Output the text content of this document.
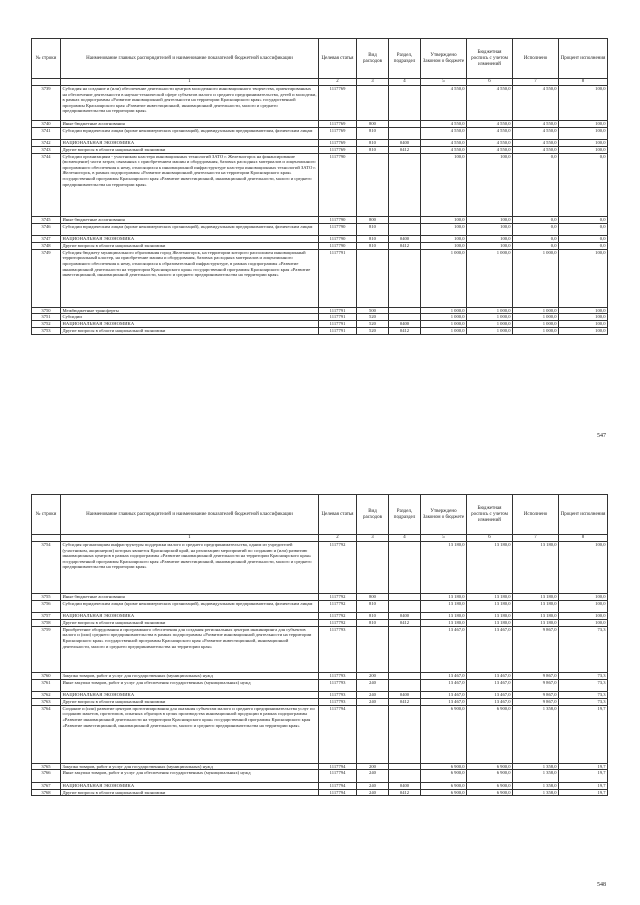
№ строки	Наименование главных распорядителей и наименование показателей бюджетной классификации	Целевая статья	Вид расходов	Раздел, подраздел	Утверждено Законом о бюджете	Бюджетная роспись с учетом изменений	Исполнено	Процент исполнения
	1	2	3	4	5	6	7	8
3739	Субсидия на создание и (или) обеспечение деятельности центров молодежного инновационного творчества, ориентированных на обеспечение деятельности в научно-технической сфере субъектов малого и среднего предпринимательства, детей и молодежи, в рамках подпрограммы «Развитие инновационной деятельности на территории Красноярского края» государственной программы Красноярского края «Развитие инвестиционной, инновационной деятельности, малого и среднего предпринимательства на территории края»	1117769			4 550,0	4 550,0	4 550,0	100,0
3740	Иные бюджетные ассигнования	1117769	800		4 550,0	4 550,0	4 550,0	100,0
3741	Субсидии юридическим лицам (кроме некоммерческих организаций), индивидуальным предпринимателям, физическим лицам	1117769	810		4 550,0	4 550,0	4 550,0	100,0
3742	НАЦИОНАЛЬНАЯ ЭКОНОМИКА	1117769	810	0400	4 550,0	4 550,0	4 550,0	100,0
3743	Другие вопросы в области национальной экономики	1117769	810	0412	4 550,0	4 550,0	4 550,0	100,0
3744	Субсидии организациям - участникам кластера инновационных технологий ЗАТО г. Железногорск на финансирование (возмещение) части затрат, связанных с приобретением машин и оборудования, базовых расходных материалов и лицензионного программного обеспечения к нему, относящихся к инновационной инфраструктуре кластера инновационных технологий ЗАТО г. Железногорск, в рамках подпрограммы «Развитие инновационной деятельности на территории Красноярского края» государственной программы Красноярского края «Развитие инвестиционной, инновационной деятельности, малого и среднего предпринимательства на территории края»	1117790			100,0	100,0	0,0	0,0
3745	Иные бюджетные ассигнования	1117790	800		100,0	100,0	0,0	0,0
3746	Субсидии юридическим лицам (кроме некоммерческих организаций), индивидуальным предпринимателям, физическим лицам	1117790	810		100,0	100,0	0,0	0,0
3747	НАЦИОНАЛЬНАЯ ЭКОНОМИКА	1117790	810	0400	100,0	100,0	0,0	0,0
3748	Другие вопросы в области национальной экономики	1117790	810	0412	100,0	100,0	0,0	0,0
3749	Субсидия бюджету муниципального образования город Железногорск, на территории которого расположен инновационный территориальный кластер, на приобретение машин и оборудования, базовых расходных материалов и лицензионного программного обеспечения к нему, относящихся к образовательной инфраструктуре, в рамках подпрограммы «Развитие инновационной деятельности на территории Красноярского края» государственной программы Красноярского края «Развитие инвестиционной, инновационной деятельности, малого и среднего предпринимательства на территории края»	1117791			1 000,0	1 000,0	1 000,0	100,0
3750	Межбюджетные трансферты	1117791	500		1 000,0	1 000,0	1 000,0	100,0
3751	Субсидии	1117791	520		1 000,0	1 000,0	1 000,0	100,0
3752	НАЦИОНАЛЬНАЯ ЭКОНОМИКА	1117791	520	0400	1 000,0	1 000,0	1 000,0	100,0
3753	Другие вопросы в области национальной экономики	1117791	520	0412	1 000,0	1 000,0	1 000,0	100,0
547
№ строки	Наименование главных распорядителей и наименование показателей бюджетной классификации	Целевая статья	Вид расходов	Раздел, подраздел	Утверждено Законом о бюджете	Бюджетная роспись с учетом изменений	Исполнено	Процент исполнения
	1	2	3	4	5	6	7	8
3754	Субсидия организациям инфраструктуры поддержки малого и среднего предпринимательства, одним из учредителей (участником, акционером) которых является Красноярский край, на реализацию мероприятий по созданию и (или) развитию инновационных центров в рамках подпрограммы «Развитие инновационной деятельности на территории Красноярского края» государственной программы Красноярского края «Развитие инвестиционной, инновационной деятельности, малого и среднего предпринимательства на территории края»	1117792			13 180,0	13 180,0	13 180,0	100,0
3755	Иные бюджетные ассигнования	1117792	800		13 180,0	13 180,0	13 180,0	100,0
3756	Субсидии юридическим лицам (кроме некоммерческих организаций), индивидуальным предпринимателям, физическим лицам	1117792	810		13 180,0	13 180,0	13 180,0	100,0
3757	НАЦИОНАЛЬНАЯ ЭКОНОМИКА	1117792	810	0400	13 180,0	13 180,0	13 180,0	100,0
3758	Другие вопросы в области национальной экономики	1117792	810	0412	13 180,0	13 180,0	13 180,0	100,0
3759	Приобретение оборудования и программного обеспечения для создания региональных центров инжиниринга для субъектов малого и (или) среднего предпринимательства в рамках подпрограммы «Развитие инновационной деятельности на территории Красноярского края» государственной программы Красноярского края «Развитие инвестиционной, инновационной деятельности, малого и среднего предпринимательства на территории края»	1117793			13 467,0	13 467,0	9 867,0	73,3
3760	Закупка товаров, работ и услуг для государственных (муниципальных) нужд	1117793	200		13 467,0	13 467,0	9 867,0	73,3
3761	Иные закупки товаров, работ и услуг для обеспечения государственных (муниципальных) нужд	1117793	240		13 467,0	13 467,0	9 867,0	73,3
3762	НАЦИОНАЛЬНАЯ ЭКОНОМИКА	1117793	240	0400	13 467,0	13 467,0	9 867,0	73,3
3763	Другие вопросы в области национальной экономики	1117793	240	0412	13 467,0	13 467,0	9 867,0	73,3
3764	Создание и (или) развитие центров прототипирования для оказания субъектам малого и среднего предпринимательства услуг по созданию макетов, прототипов, опытных образцов в целях производства инновационной продукции в рамках подпрограммы «Развитие инновационной деятельности на территории Красноярского края» государственной программы Красноярского края «Развитие инвестиционной, инновационной деятельности, малого и среднего предпринимательства на территории края»	1117794			6 900,0	6 900,0	1 358,0	19,7
3765	Закупка товаров, работ и услуг для государственных (муниципальных) нужд	1117794	200		6 900,0	6 900,0	1 358,0	19,7
3766	Иные закупки товаров, работ и услуг для обеспечения государственных (муниципальных) нужд	1117794	240		6 900,0	6 900,0	1 358,0	19,7
3767	НАЦИОНАЛЬНАЯ ЭКОНОМИКА	1117794	240	0400	6 900,0	6 900,0	1 358,0	19,7
3768	Другие вопросы в области национальной экономики	1117794	240	0412	6 900,0	6 900,0	1 358,0	19,7
548
